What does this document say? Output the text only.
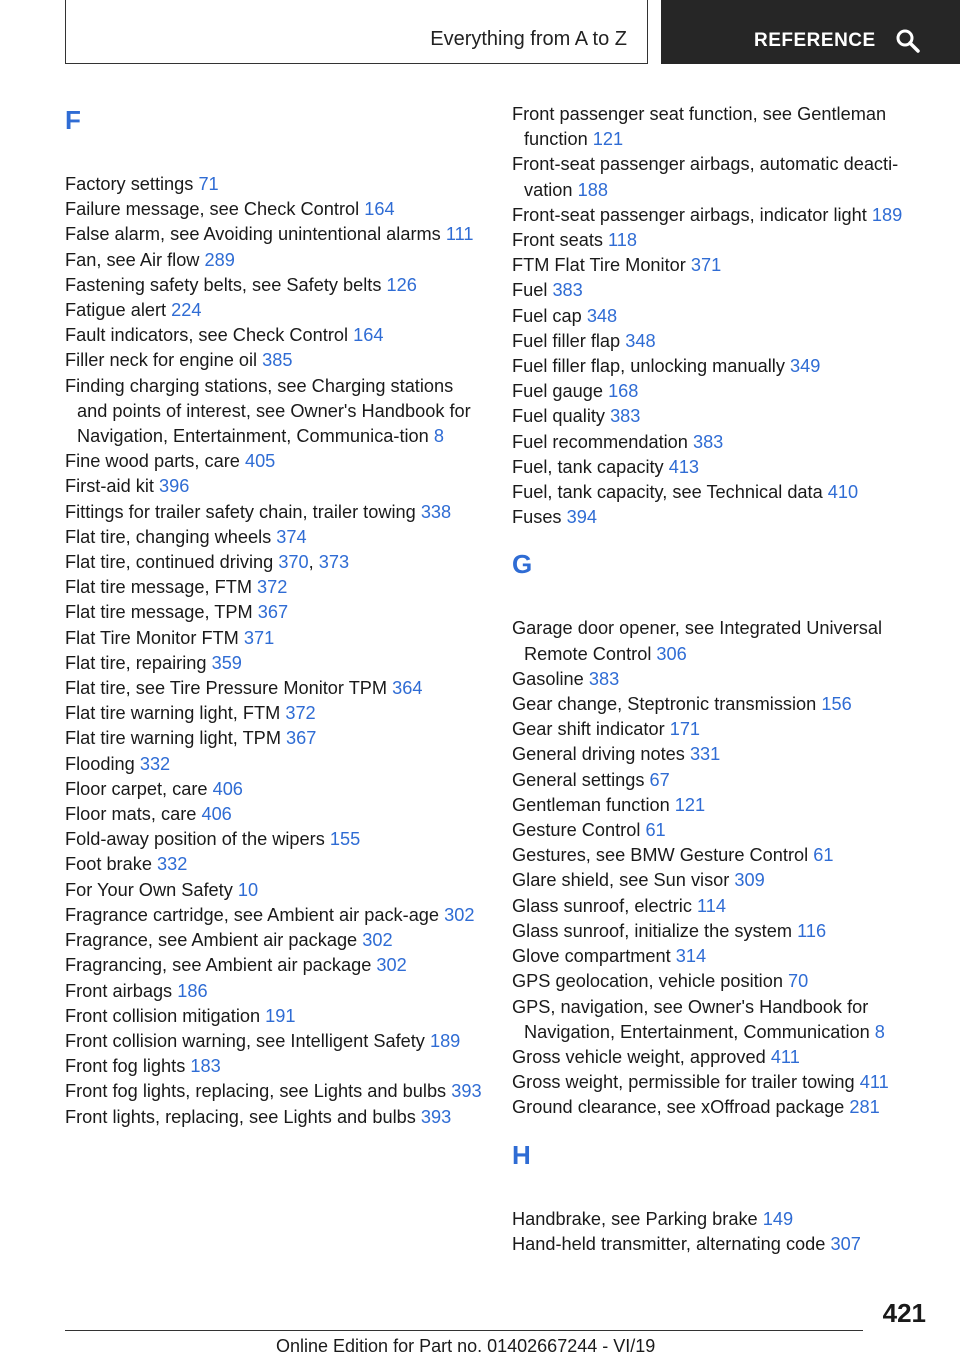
Everything from A to Z	REFERENCE
F
Factory settings 71
Failure message, see Check Control 164
False alarm, see Avoiding unintentional alarms 111
Fan, see Air flow 289
Fastening safety belts, see Safety belts 126
Fatigue alert 224
Fault indicators, see Check Control 164
Filler neck for engine oil 385
Finding charging stations, see Charging stations and points of interest, see Owner's Handbook for Navigation, Entertainment, Communica-tion 8
Fine wood parts, care 405
First-aid kit 396
Fittings for trailer safety chain, trailer towing 338
Flat tire, changing wheels 374
Flat tire, continued driving 370, 373
Flat tire message, FTM 372
Flat tire message, TPM 367
Flat Tire Monitor FTM 371
Flat tire, repairing 359
Flat tire, see Tire Pressure Monitor TPM 364
Flat tire warning light, FTM 372
Flat tire warning light, TPM 367
Flooding 332
Floor carpet, care 406
Floor mats, care 406
Fold-away position of the wipers 155
Foot brake 332
For Your Own Safety 10
Fragrance cartridge, see Ambient air pack-age 302
Fragrance, see Ambient air package 302
Fragrancing, see Ambient air package 302
Front airbags 186
Front collision mitigation 191
Front collision warning, see Intelligent Safety 189
Front fog lights 183
Front fog lights, replacing, see Lights and bulbs 393
Front lights, replacing, see Lights and bulbs 393
Front passenger seat function, see Gentleman function 121
Front-seat passenger airbags, automatic deacti-vation 188
Front-seat passenger airbags, indicator light 189
Front seats 118
FTM Flat Tire Monitor 371
Fuel 383
Fuel cap 348
Fuel filler flap 348
Fuel filler flap, unlocking manually 349
Fuel gauge 168
Fuel quality 383
Fuel recommendation 383
Fuel, tank capacity 413
Fuel, tank capacity, see Technical data 410
Fuses 394
G
Garage door opener, see Integrated Universal Remote Control 306
Gasoline 383
Gear change, Steptronic transmission 156
Gear shift indicator 171
General driving notes 331
General settings 67
Gentleman function 121
Gesture Control 61
Gestures, see BMW Gesture Control 61
Glare shield, see Sun visor 309
Glass sunroof, electric 114
Glass sunroof, initialize the system 116
Glove compartment 314
GPS geolocation, vehicle position 70
GPS, navigation, see Owner's Handbook for Navigation, Entertainment, Communication 8
Gross vehicle weight, approved 411
Gross weight, permissible for trailer towing 411
Ground clearance, see xOffroad package 281
H
Handbrake, see Parking brake 149
Hand-held transmitter, alternating code 307
421
Online Edition for Part no. 01402667244 - VI/19
